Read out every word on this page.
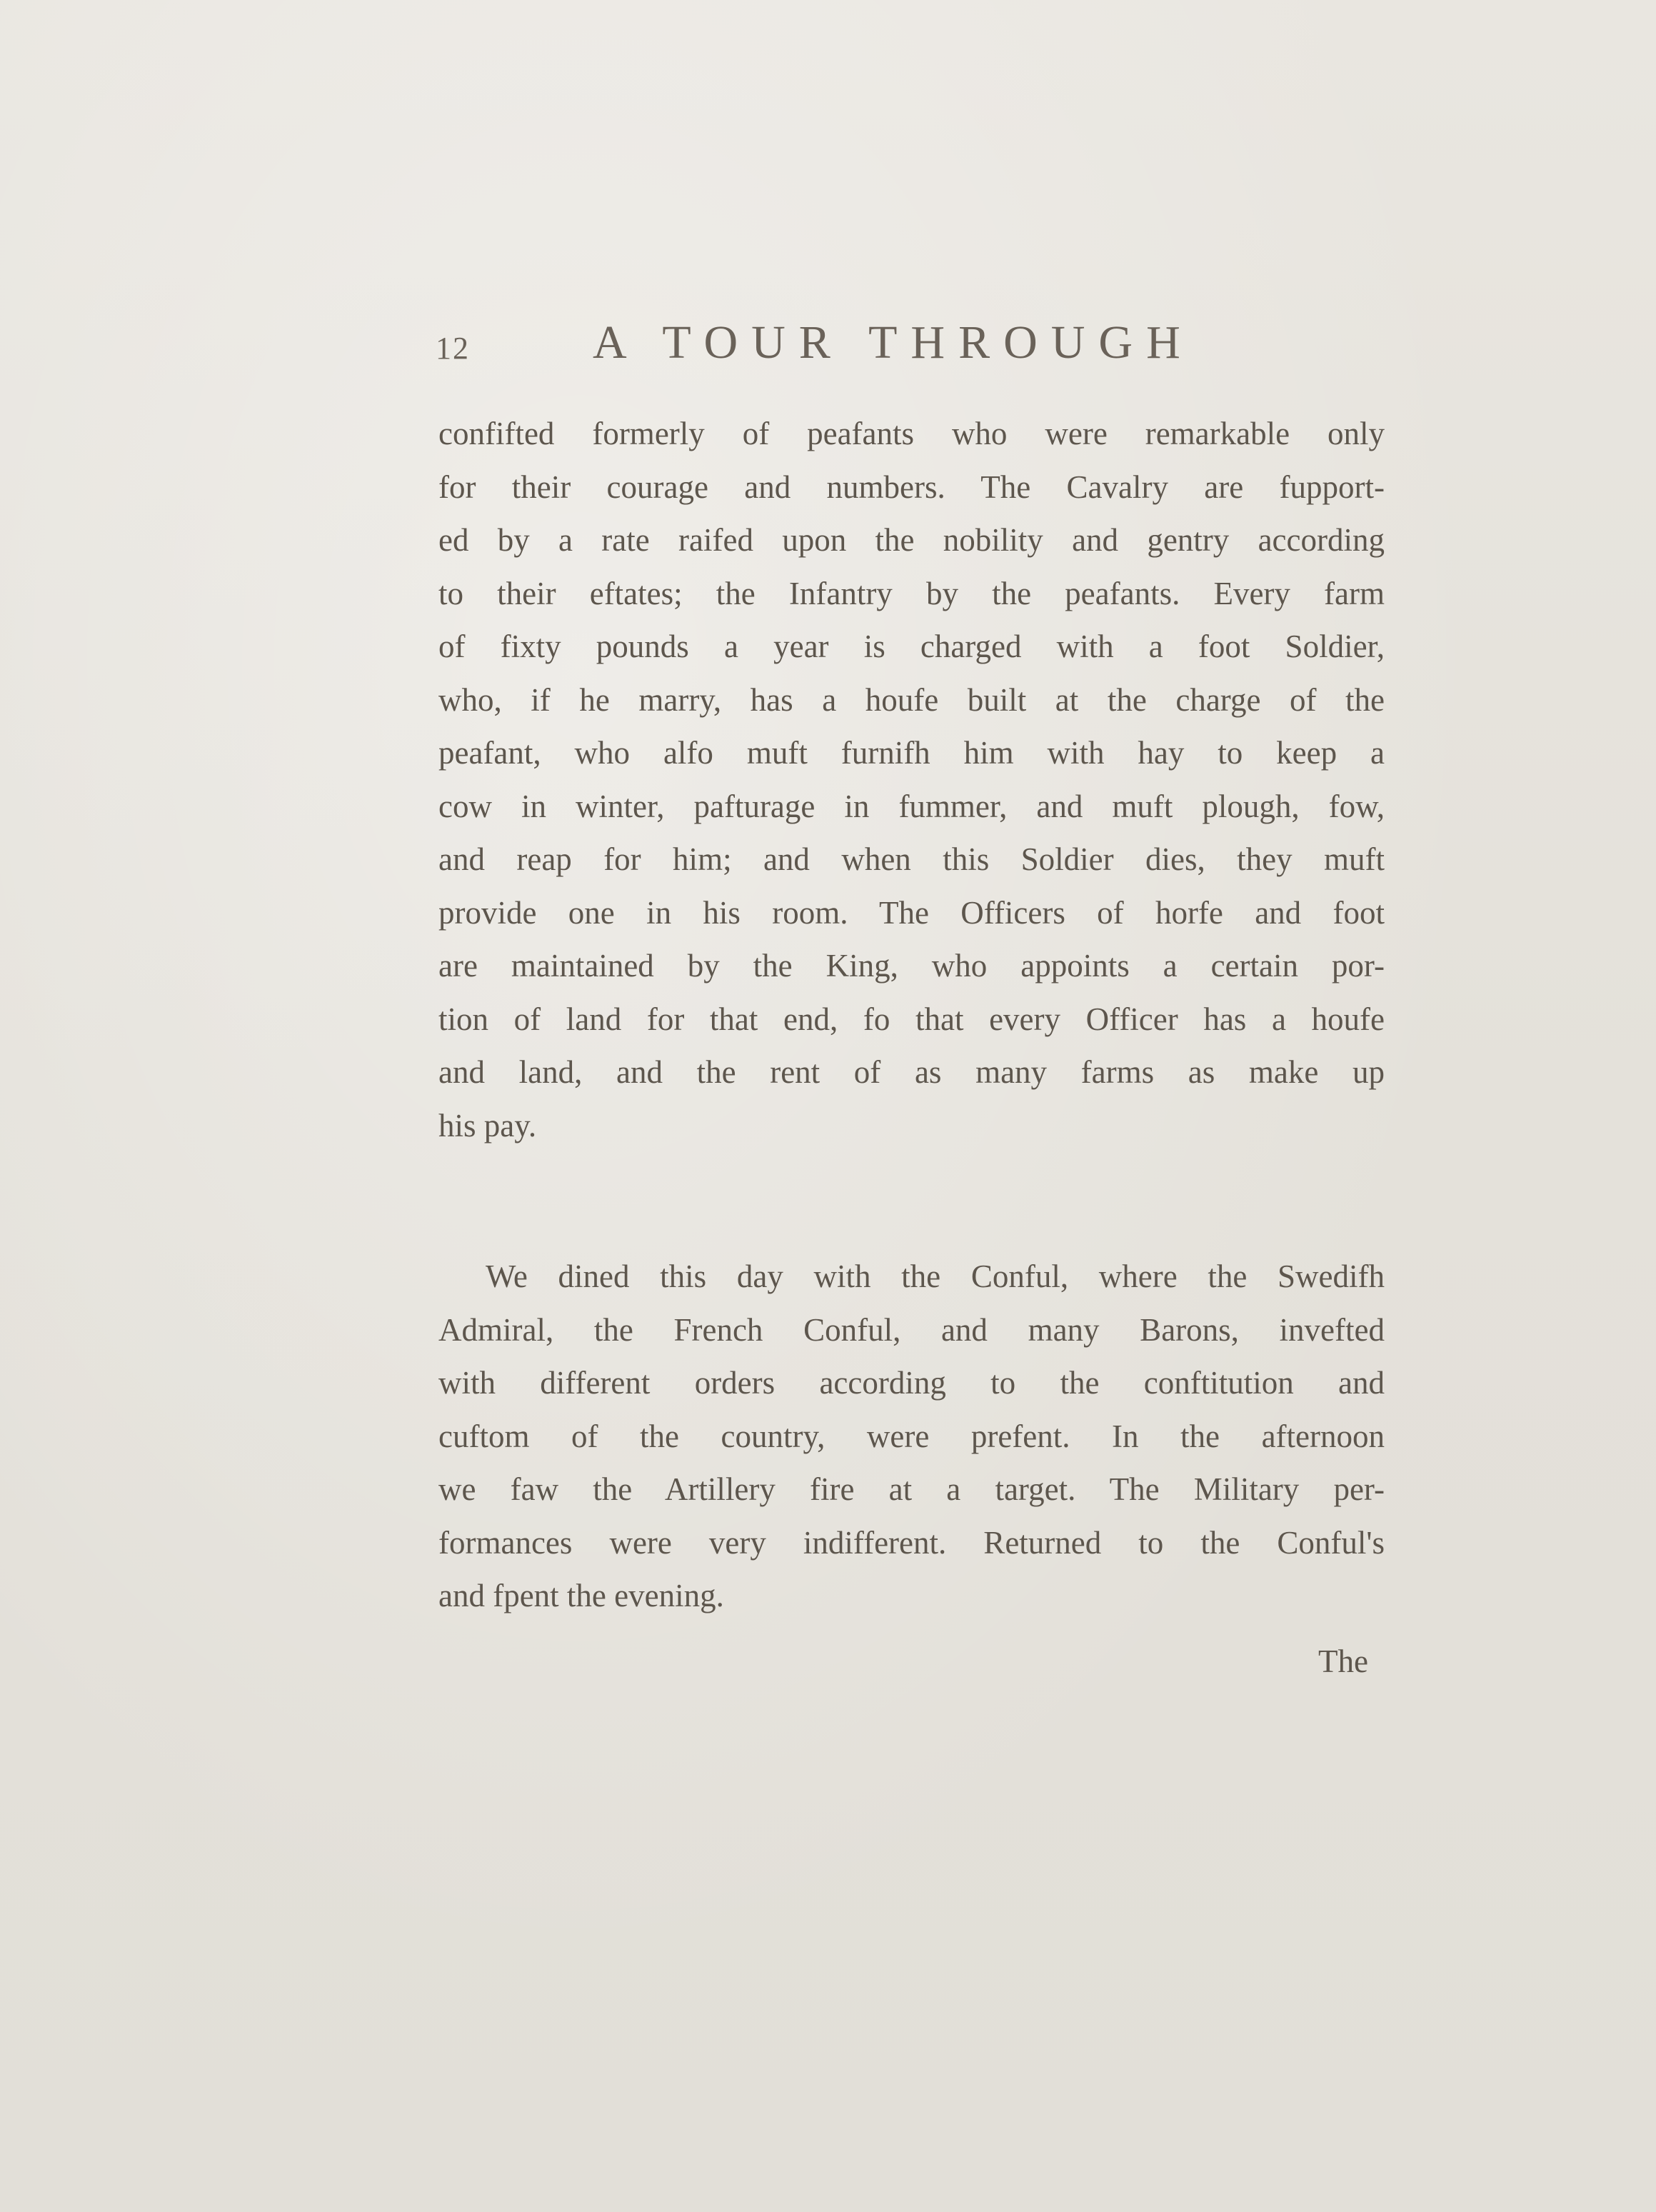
12	A TOUR THROUGH
confifted formerly of peafants who were remarkable only
for their courage and numbers. The Cavalry are fupport-
ed by a rate raifed upon the nobility and gentry according
to their eftates; the Infantry by the peafants. Every farm
of fixty pounds a year is charged with a foot Soldier,
who, if he marry, has a houfe built at the charge of the
peafant, who alfo muft furnifh him with hay to keep a
cow in winter, pafturage in fummer, and muft plough, fow,
and reap for him; and when this Soldier dies, they muft
provide one in his room. The Officers of horfe and foot
are maintained by the King, who appoints a certain por-
tion of land for that end, fo that every Officer has a houfe
and land, and the rent of as many farms as make up
his pay.
We dined this day with the Conful, where the Swedifh
Admiral, the French Conful, and many Barons, invefted
with different orders according to the conftitution and
cuftom of the country, were prefent. In the afternoon
we faw the Artillery fire at a target. The Military per-
formances were very indifferent. Returned to the Conful's
and fpent the evening.
The
